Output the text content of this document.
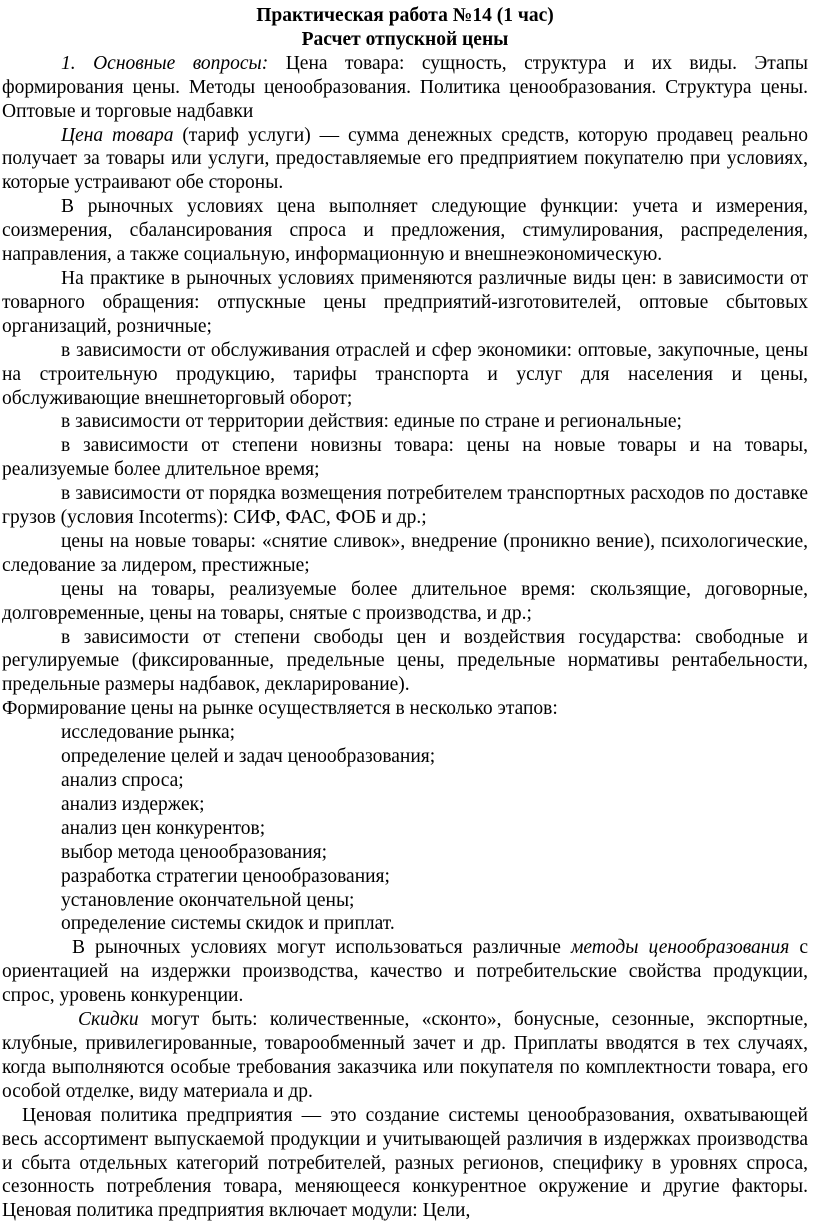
Практическая работа №14 (1 час)

Расчет отпускной цены

1. Основные вопросы: Цена товара: сущность, структура и их виды. Этапы формирования цены. Методы ценообразования. Политика ценообразования. Структура цены. Оптовые и торговые надбавки

Цена товара (тариф услуги) — сумма денежных средств, которую продавец реально получает за товары или услуги, предоставляемые его предприятием покупателю при условиях, которые устраивают обе стороны.

В рыночных условиях цена выполняет следующие функции: учета и измерения, соизмерения, сбалансирования спроса и предложения, стимулирования, распределения, направления, а также социальную, информационную и внешнеэкономическую.

На практике в рыночных условиях применяются различные виды цен: в зависимости от товарного обращения: отпускные цены предприятий-изготовителей, оптовые сбытовых организаций, розничные;

в зависимости от обслуживания отраслей и сфер экономики: оптовые, закупочные, цены на строительную продукцию, тарифы транспорта и услуг для населения и цены, обслуживающие внешнеторговый оборот;

в зависимости от территории действия: единые по стране и региональные;

в зависимости от степени новизны товара: цены на новые товары и на товары, реализуемые более длительное время;

в зависимости от порядка возмещения потребителем транспортных расходов по доставке грузов (условия Incoterms): СИФ, ФАС, ФОБ и др.;

цены на новые товары: «снятие сливок», внедрение (проникно вение), психологические, следование за лидером, престижные;

цены на товары, реализуемые более длительное время: скользящие, договорные, долговременные, цены на товары, снятые с производства, и др.;

в зависимости от степени свободы цен и воздействия государства: свободные и регулируемые (фиксированные, предельные цены, предельные нормативы рентабельности, предельные размеры надбавок, декларирование).

Формирование цены на рынке осуществляется в несколько этапов:

исследование рынка;

определение целей и задач ценообразования;

анализ спроса;

анализ издержек;

анализ цен конкурентов;

выбор метода ценообразования;

разработка стратегии ценообразования;

установление окончательной цены;

определение системы скидок и приплат.

В рыночных условиях могут использоваться различные методы ценообразования с ориентацией на издержки производства, качество и потребительские свойства продукции, спрос, уровень конкуренции.

Скидки могут быть: количественные, «сконто», бонусные, сезонные, экспортные, клубные, привилегированные, товарообменный зачет и др. Приплаты вводятся в тех случаях, когда выполняются особые требования заказчика или покупателя по комплектности товара, его особой отделке, виду материала и др.

Ценовая политика предприятия — это создание системы ценообразования, охватывающей весь ассортимент выпускаемой продукции и учитывающей различия в издержках производства и сбыта отдельных категорий потребителей, разных регионов, специфику в уровнях спроса, сезонность потребления товара, меняющееся конкурентное окружение и другие факторы. Ценовая политика предприятия включает модули: Цели,
